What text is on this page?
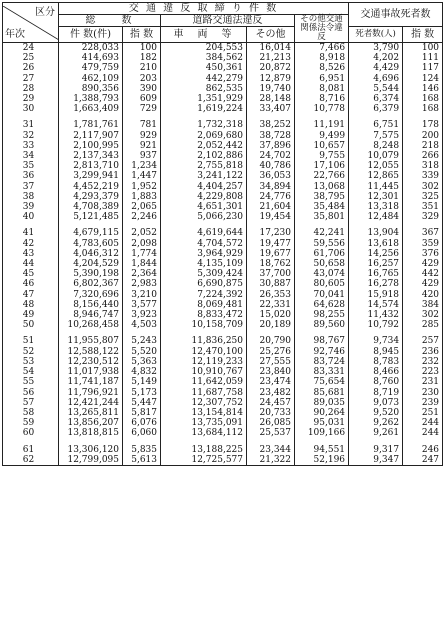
区分
年次	交 通 違 反 取 締 り 件 数					交通事故死者数	
	総　　数		道路交通法違反		その他交通関係法令違反		
	件 数(件)	指 数	車　両　等	その他		死者数(人)	指 数
24	228,033	100	204,553	16,014	7,466	3,790	100
25	414,693	182	384,562	21,213	8,918	4,202	111
26	479,759	210	450,361	20,872	8,526	4,429	117
27	462,109	203	442,279	12,879	6,951	4,696	124
28	890,356	390	862,535	19,740	8,081	5,544	146
29	1,388,793	609	1,351,929	28,148	8,716	6,374	168
30	1,663,409	729	1,619,224	33,407	10,778	6,379	168

31	1,781,761	781	1,732,318	38,252	11,191	6,751	178
32	2,117,907	929	2,069,680	38,728	9,499	7,575	200
33	2,100,995	921	2,052,442	37,896	10,657	8,248	218
34	2,137,343	937	2,102,886	24,702	9,755	10,079	266
35	2,813,710	1,234	2,755,818	40,786	17,106	12,055	318
36	3,299,941	1,447	3,241,122	36,053	22,766	12,865	339
37	4,452,219	1,952	4,404,257	34,894	13,068	11,445	302
38	4,293,379	1,883	4,229,808	24,776	38,795	12,301	325
39	4,708,389	2,065	4,651,301	21,604	35,484	13,318	351
40	5,121,485	2,246	5,066,230	19,454	35,801	12,484	329

41	4,679,115	2,052	4,619,644	17,230	42,241	13,904	367
42	4,783,605	2,098	4,704,572	19,477	59,556	13,618	359
43	4,046,312	1,774	3,964,929	19,677	61,706	14,256	376
44	4,204,529	1,844	4,135,109	18,762	50,658	16,257	429
45	5,390,198	2,364	5,309,424	37,700	43,074	16,765	442
46	6,802,367	2,983	6,690,875	30,887	80,605	16,278	429
47	7,320,696	3,210	7,224,392	26,353	70,041	15,918	420
48	8,156,440	3,577	8,069,481	22,331	64,628	14,574	384
49	8,946,747	3,923	8,833,472	15,020	98,255	11,432	302
50	10,268,458	4,503	10,158,709	20,189	89,560	10,792	285

51	11,955,807	5,243	11,836,250	20,790	98,767	9,734	257
52	12,588,122	5,520	12,470,100	25,276	92,746	8,945	236
53	12,230,512	5,363	12,119,233	27,555	83,724	8,783	232
54	11,017,938	4,832	10,910,767	23,840	83,331	8,466	223
55	11,741,187	5,149	11,642,059	23,474	75,654	8,760	231
56	11,796,921	5,173	11,687,758	23,482	85,681	8,719	230
57	12,421,244	5,447	12,307,752	24,457	89,035	9,073	239
58	13,265,811	5,817	13,154,814	20,733	90,264	9,520	251
59	13,856,207	6,076	13,735,091	26,085	95,031	9,262	244
60	13,818,815	6,060	13,684,112	25,537	109,166	9,261	244

61	13,306,120	5,835	13,188,225	23,344	94,551	9,317	246
62	12,799,095	5,613	12,725,577	21,322	52,196	9,347	247
